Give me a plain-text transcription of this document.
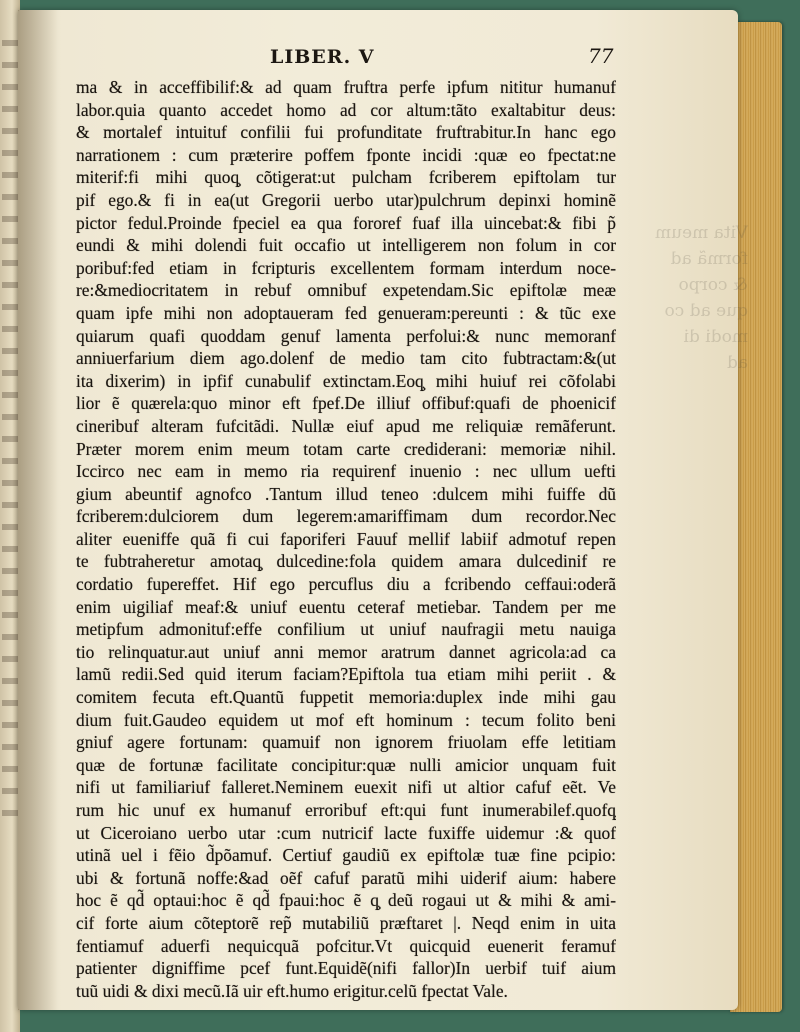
Vita meum
formã ad
& corpo
que ad co
modi di
ad
LIBER. V	77
ma & in acceffibilif:& ad quam fruftra perfe ipfum nititur humanuf
labor.quia quanto accedet homo ad cor altum:tãto exaltabitur deus:
& mortalef intuituf confilii fui profunditate fruftrabitur.In hanc ego
narrationem : cum præterire poffem fponte incidi :quæ eo fpectat:ne
miterif:fi mihi quoq̧ cõtigerat:ut pulcham fcriberem epiftolam tur
pif ego.& fi in ea(ut Gregorii uerbo utar)pulchrum depinxi hominẽ
pictor fedul.Proinde fpeciel ea qua fororef fuaf illa uincebat:& fibi p̃
eundi & mihi dolendi fuit occafio ut intelligerem non folum in cor
poribuf:fed etiam in fcripturis excellentem formam interdum noce-
re:&mediocritatem in rebuf omnibuf expetendam.Sic epiftolæ meæ
quam ipfe mihi non adoptaueram fed genueram:pereunti : & tũc exe
quiarum quafi quoddam genuf lamenta perfolui:& nunc memoranf
anniuerfarium diem ago.dolenf de medio tam cito fubtractam:&(ut
ita dixerim) in ipfif cunabulif extinctam.Eoq̧ mihi huiuf rei cõfolabi
lior ẽ quærela:quo minor eft fpef.De illiuf offibuf:quafi de phoenicif
cineribuf alteram fufcitãdi. Nullæ eiuf apud me reliquiæ remãferunt.
Præter morem enim meum totam carte crediderani: memoriæ nihil.
Iccirco nec eam in memo ria requirenf inuenio : nec ullum uefti
gium abeuntif agnofco .Tantum illud teneo :dulcem mihi fuiffe dũ
fcriberem:dulciorem dum legerem:amariffimam dum recordor.Nec
aliter eueniffe quã fi cui faporiferi Fauuf mellif labiif admotuf repen
te fubtraheretur amotaq̧ dulcedine:fola quidem amara dulcedinif re
cordatio fupereffet. Hif ego percuflus diu a fcribendo ceffaui:oderã
enim uigiliaf meaf:& uniuf euentu ceteraf metiebar. Tandem per me
metipfum admonituf:effe confilium ut uniuf naufragii metu nauiga
tio relinquatur.aut uniuf anni memor aratrum dannet agricola:ad ca
lamũ redii.Sed quid iterum faciam?Epiftola tua etiam mihi periit . &
comitem fecuta eft.Quantũ fuppetit memoria:duplex inde mihi gau
dium fuit.Gaudeo equidem ut mof eft hominum : tecum folito beni
gniuf agere fortunam: quamuif non ignorem friuolam effe letitiam
quæ de fortunæ facilitate concipitur:quæ nulli amicior unquam fuit
nifi ut familiariuf falleret.Neminem euexit nifi ut altior cafuf eẽt. Ve
rum hic unuf ex humanuf erroribuf eft:qui funt inumerabilef.quofq̧
ut Ciceroiano uerbo utar :cum nutricif lacte fuxiffe uidemur :& quof
utinã uel i fẽio d̃põamuf. Certiuf gaudiũ ex epiftolæ tuæ fine pcipio:
ubi & fortunã noffe:&ad oẽf cafuf paratũ mihi uiderif aium: habere
hoc ẽ qd̃ optaui:hoc ẽ qd̃ fpaui:hoc ẽ q̧ deũ rogaui ut & mihi & ami-
cif forte aium cõteptorẽ rep̃ mutabiliũ præftaret |. Neqd enim in uita
fentiamuf aduerfi nequicquã pofcitur.Vt quicquid euenerit feramuf
patienter digniffime pcef funt.Equidẽ(nifi fallor)In uerbif tuif aium
tuũ uidi & dixi mecũ.Iã uir eft.humo erigitur.celũ fpectat Vale.
